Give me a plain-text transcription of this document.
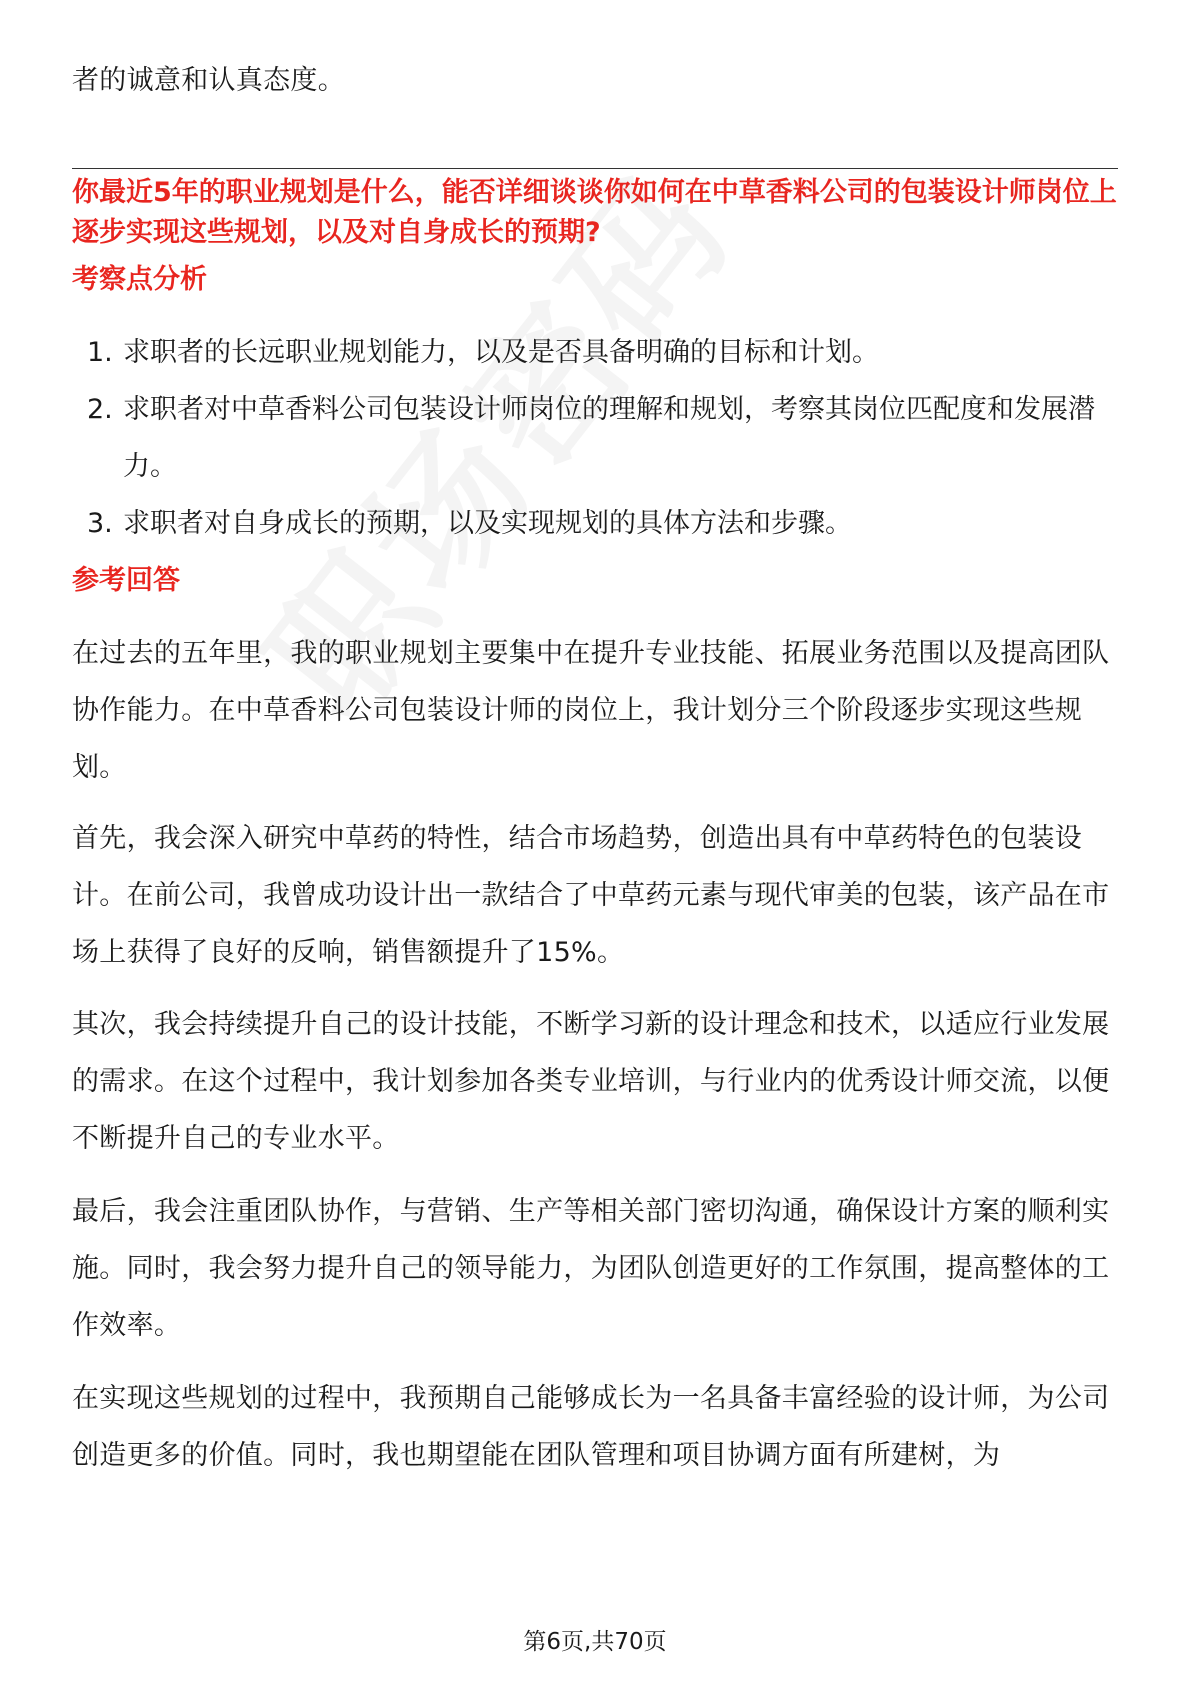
者的诚意和认真态度。

你最近5年的职业规划是什么，能否详细谈谈你如何在中草香料公司的包装设计师岗位上逐步实现这些规划，以及对自身成长的预期?

考察点分析

1. 求职者的长远职业规划能力，以及是否具备明确的目标和计划。
2. 求职者对中草香料公司包装设计师岗位的理解和规划，考察其岗位匹配度和发展潜力。
3. 求职者对自身成长的预期，以及实现规划的具体方法和步骤。

参考回答

在过去的五年里，我的职业规划主要集中在提升专业技能、拓展业务范围以及提高团队协作能力。在中草香料公司包装设计师的岗位上，我计划分三个阶段逐步实现这些规划。

首先，我会深入研究中草药的特性，结合市场趋势，创造出具有中草药特色的包装设计。在前公司，我曾成功设计出一款结合了中草药元素与现代审美的包装，该产品在市场上获得了良好的反响，销售额提升了15%。

其次，我会持续提升自己的设计技能，不断学习新的设计理念和技术，以适应行业发展的需求。在这个过程中，我计划参加各类专业培训，与行业内的优秀设计师交流，以便不断提升自己的专业水平。

最后，我会注重团队协作，与营销、生产等相关部门密切沟通，确保设计方案的顺利实施。同时，我会努力提升自己的领导能力，为团队创造更好的工作氛围，提高整体的工作效率。

在实现这些规划的过程中，我预期自己能够成长为一名具备丰富经验的设计师，为公司创造更多的价值。同时，我也期望能在团队管理和项目协调方面有所建树，为

第6页,共70页
